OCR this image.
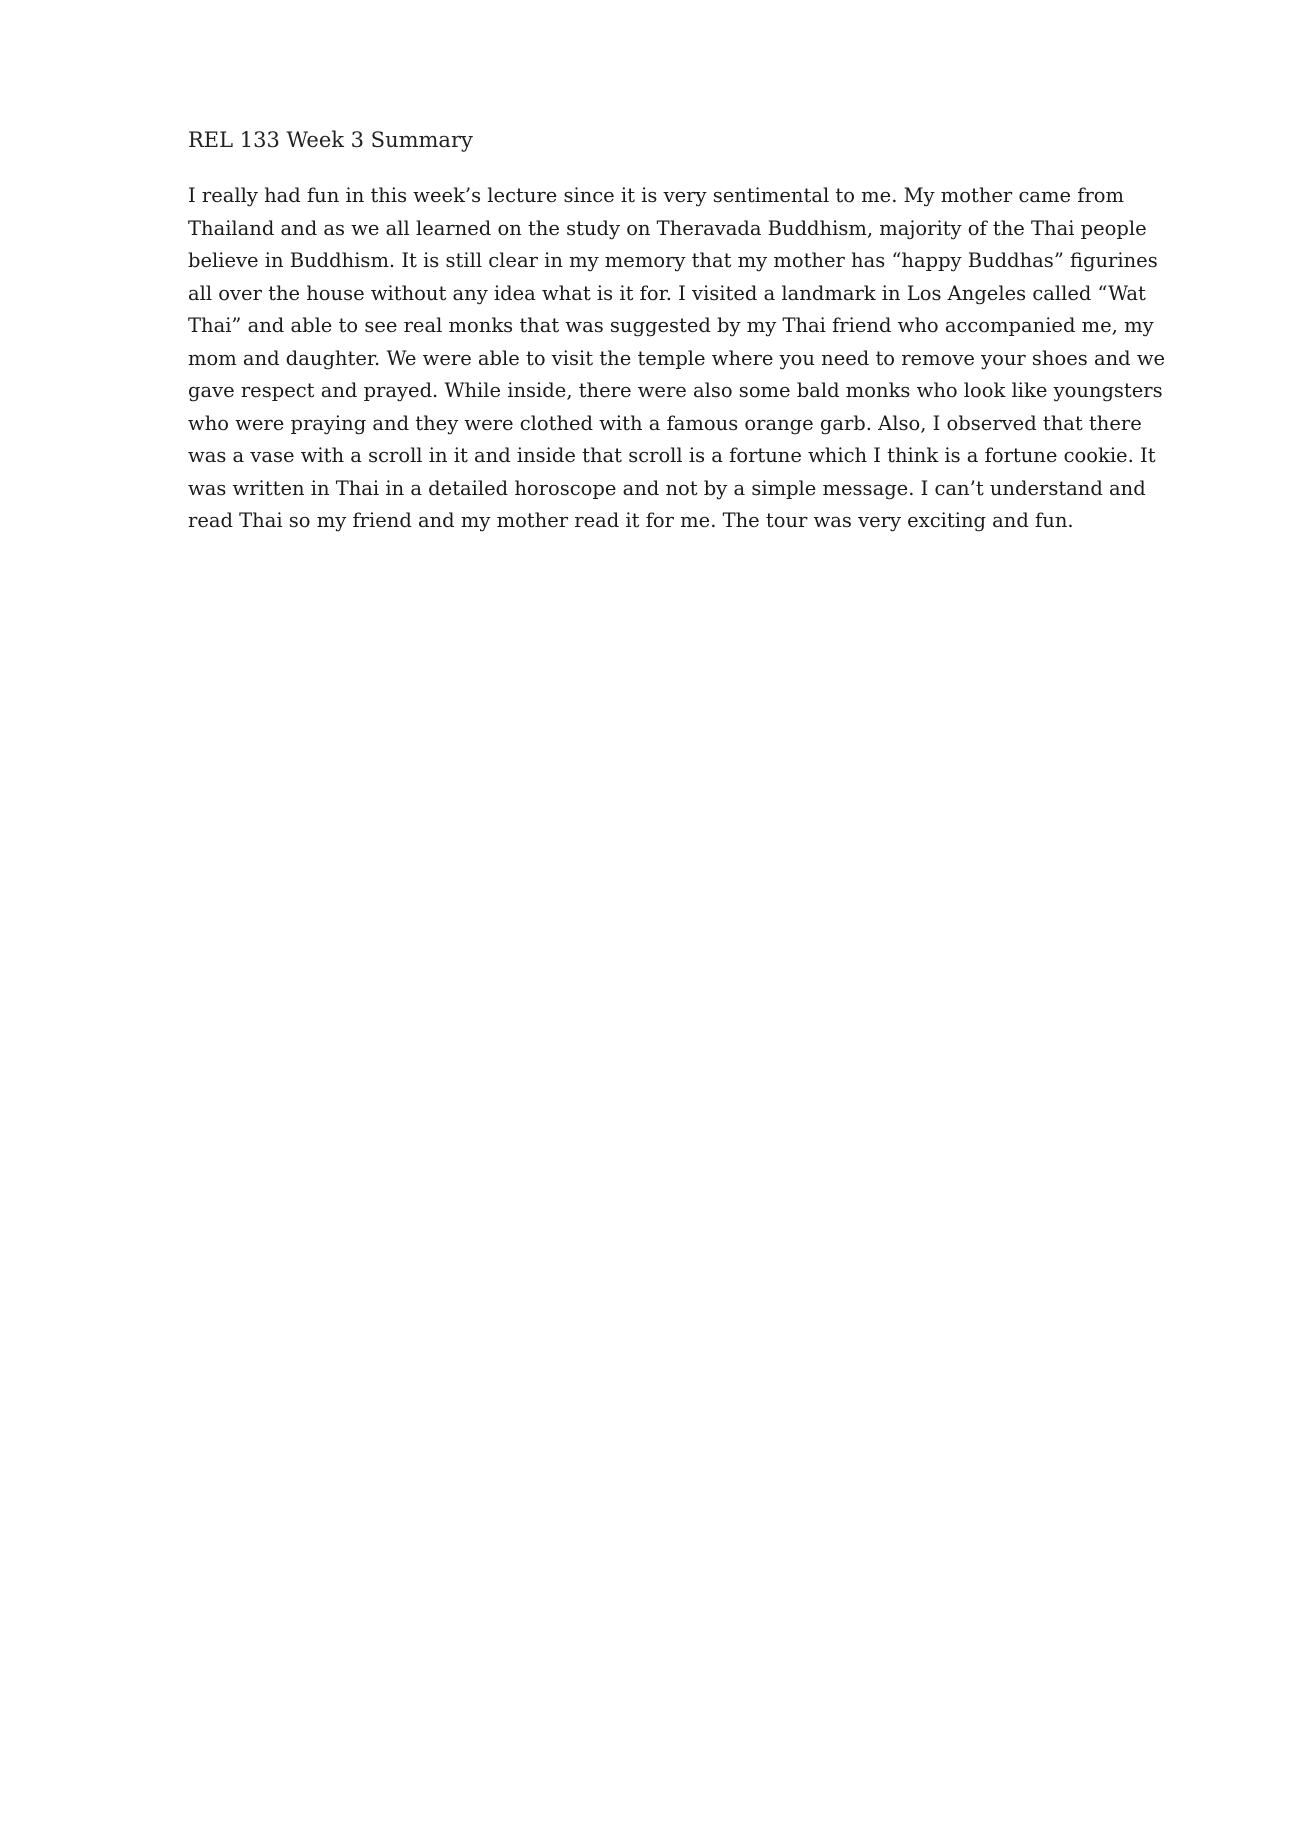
REL 133 Week 3 Summary
I really had fun in this week’s lecture since it is very sentimental to me. My mother came from
Thailand and as we all learned on the study on Theravada Buddhism, majority of the Thai people
believe in Buddhism. It is still clear in my memory that my mother has “happy Buddhas” figurines
all over the house without any idea what is it for. I visited a landmark in Los Angeles called “Wat
Thai” and able to see real monks that was suggested by my Thai friend who accompanied me, my
mom and daughter. We were able to visit the temple where you need to remove your shoes and we
gave respect and prayed. While inside, there were also some bald monks who look like youngsters
who were praying and they were clothed with a famous orange garb. Also, I observed that there
was a vase with a scroll in it and inside that scroll is a fortune which I think is a fortune cookie. It
was written in Thai in a detailed horoscope and not by a simple message. I can’t understand and
read Thai so my friend and my mother read it for me. The tour was very exciting and fun.
